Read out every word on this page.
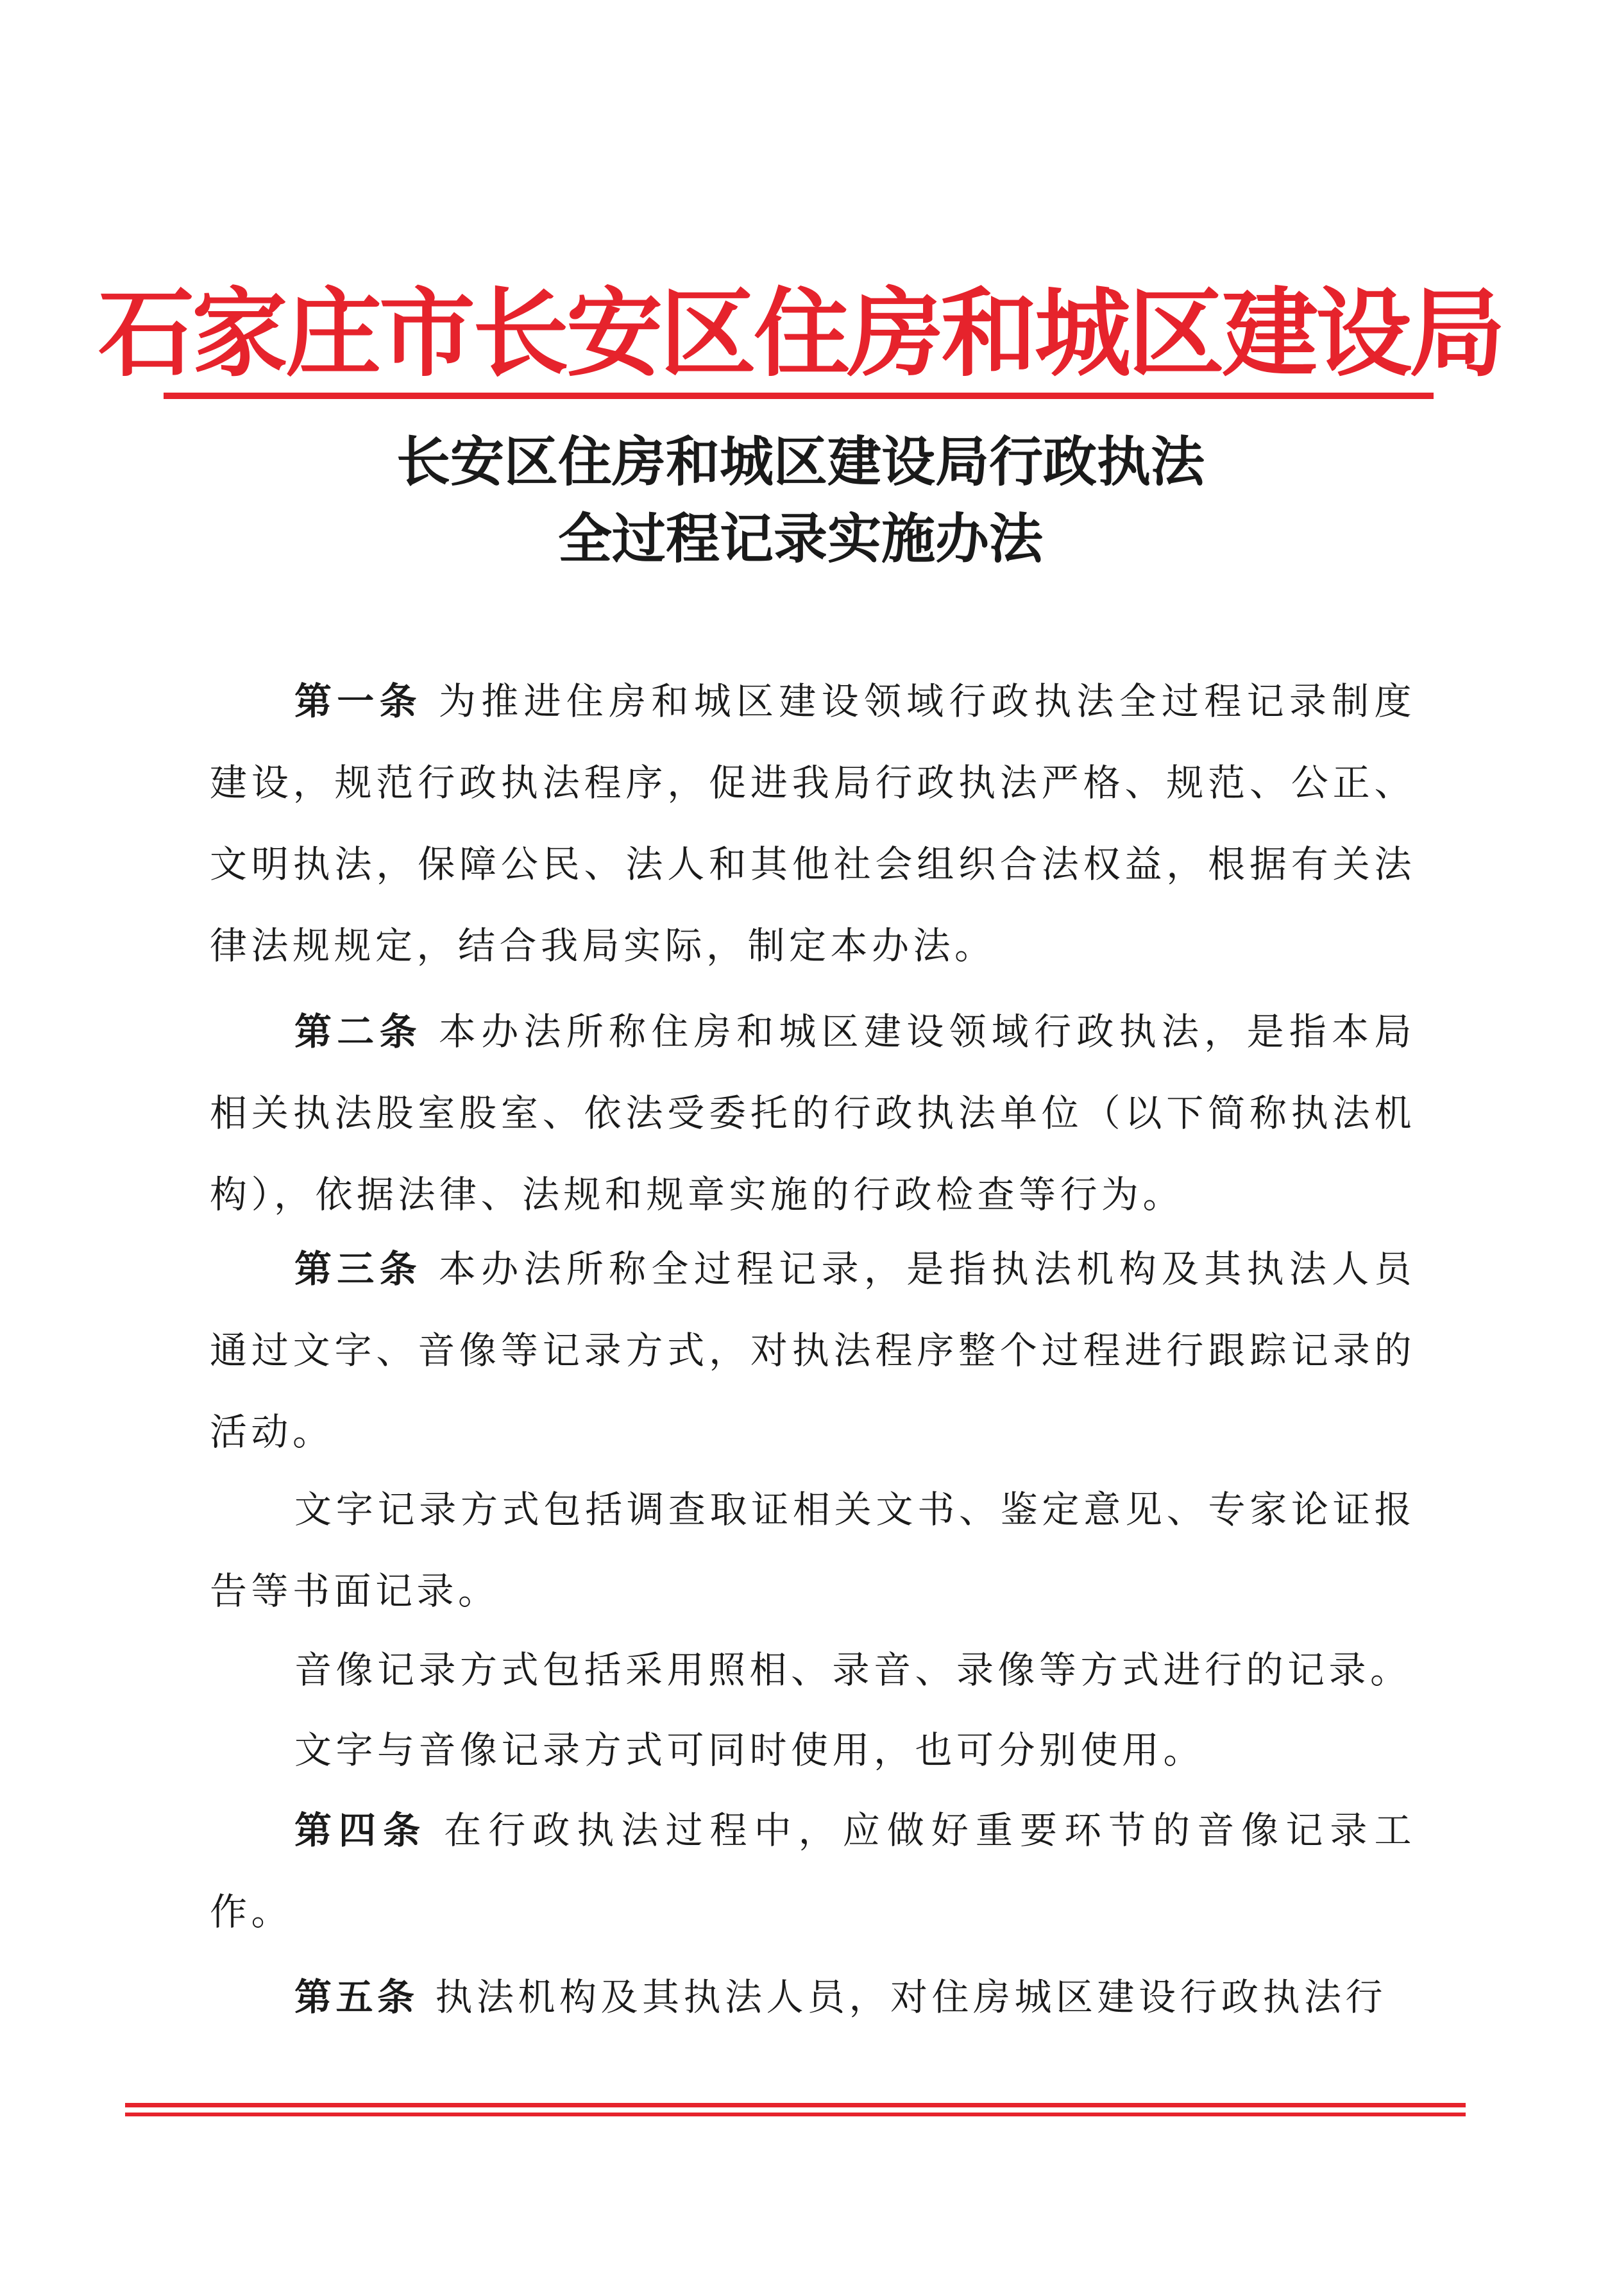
石家庄市长安区住房和城区建设局
长安区住房和城区建设局行政执法
全过程记录实施办法
第一条 为推进住房和城区建设领域行政执法全过程记录制度建设，规范行政执法程序，促进我局行政执法严格、规范、公正、文明执法，保障公民、法人和其他社会组织合法权益，根据有关法律法规规定，结合我局实际，制定本办法。
第二条 本办法所称住房和城区建设领域行政执法，是指本局相关执法股室股室、依法受委托的行政执法单位（以下简称执法机构），依据法律、法规和规章实施的行政检查等行为。
第三条 本办法所称全过程记录，是指执法机构及其执法人员通过文字、音像等记录方式，对执法程序整个过程进行跟踪记录的活动。
文字记录方式包括调查取证相关文书、鉴定意见、专家论证报告等书面记录。
音像记录方式包括采用照相、录音、录像等方式进行的记录。
文字与音像记录方式可同时使用，也可分别使用。
第四条 在行政执法过程中，应做好重要环节的音像记录工作。
第五条 执法机构及其执法人员，对住房城区建设行政执法行
